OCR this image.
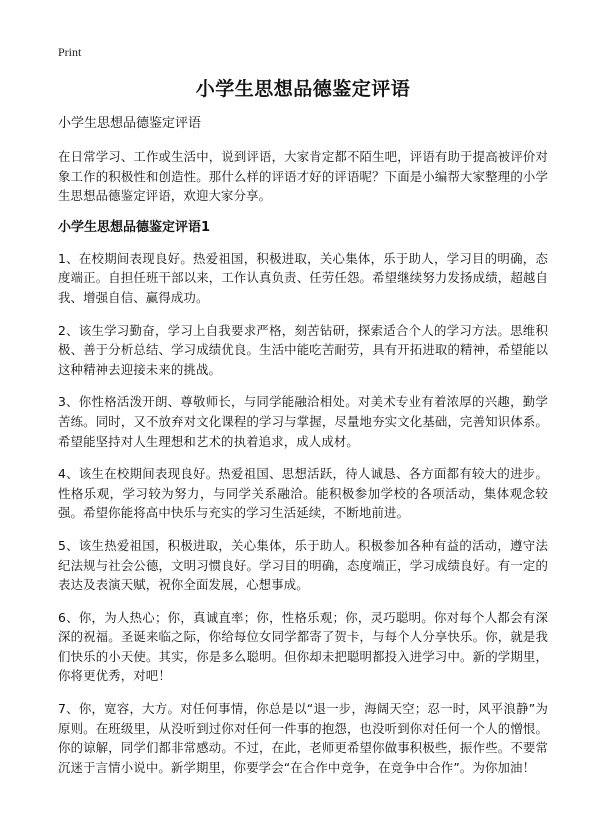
Print
小学生思想品德鉴定评语
小学生思想品德鉴定评语

在日常学习、工作或生活中，说到评语，大家肯定都不陌生吧，评语有助于提高被评价对象工作的积极性和创造性。那什么样的评语才好的评语呢？下面是小编帮大家整理的小学生思想品德鉴定评语，欢迎大家分享。

小学生思想品德鉴定评语1

1、在校期间表现良好。热爱祖国，积极进取，关心集体，乐于助人，学习目的明确，态度端正。自担任班干部以来，工作认真负责、任劳任怨。希望继续努力发扬成绩，超越自我、增强自信、赢得成功。

2、该生学习勤奋，学习上自我要求严格，刻苦钻研，探索适合个人的学习方法。思维积极、善于分析总结、学习成绩优良。生活中能吃苦耐劳，具有开拓进取的精神，希望能以这种精神去迎接未来的挑战。

3、你性格活泼开朗、尊敬师长，与同学能融洽相处。对美术专业有着浓厚的兴趣，勤学苦练。同时，又不放弃对文化课程的学习与掌握，尽量地夯实文化基础，完善知识体系。希望能坚持对人生理想和艺术的执着追求，成人成材。

4、该生在校期间表现良好。热爱祖国、思想活跃，待人诚恳、各方面都有较大的进步。性格乐观，学习较为努力，与同学关系融洽。能积极参加学校的各项活动，集体观念较强。希望你能将高中快乐与充实的学习生活延续，不断地前进。

5、该生热爱祖国，积极进取，关心集体，乐于助人。积极参加各种有益的活动，遵守法纪法规与社会公德，文明习惯良好。学习目的明确，态度端正，学习成绩良好。有一定的表达及表演天赋，祝你全面发展，心想事成。

6、你，为人热心；你，真诚直率；你，性格乐观；你，灵巧聪明。你对每个人都会有深深的祝福。圣诞来临之际，你给每位女同学都寄了贺卡，与每个人分享快乐。你，就是我们快乐的小天使。其实，你是多么聪明。但你却未把聪明都投入进学习中。新的学期里，你将更优秀，对吧！

7、你，宽容，大方。对任何事情，你总是以“退一步，海阔天空；忍一时，风平浪静”为原则。在班级里，从没听到过你对任何一件事的抱怨，也没听到你对任何一个人的憎恨。你的谅解，同学们都非常感动。不过，在此，老师更希望你做事积极些，振作些。不要常沉迷于言情小说中。新学期里，你要学会“在合作中竞争，在竞争中合作”。为你加油！
